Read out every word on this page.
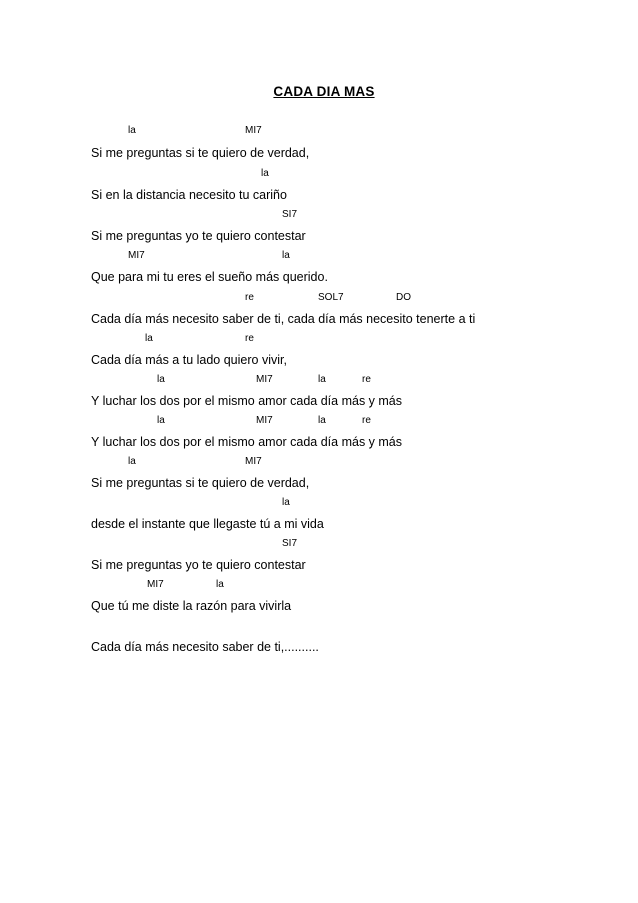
CADA DIA MAS
la	MI7
Si me preguntas si te quiero de verdad,
la
Si en la distancia necesito tu cariño
SI7
Si me preguntas yo te quiero contestar
MI7	la
Que para mi tu eres el sueño más querido.
re	SOL7	DO
Cada día más necesito saber de ti, cada día más necesito tenerte a ti
la	re
Cada día más a tu lado quiero vivir,
la	MI7	la	re
Y luchar los dos por el mismo amor cada día más y más
la	MI7	la	re
Y luchar los dos por el mismo amor cada día más y más
la	MI7
Si me preguntas si te quiero de verdad,
la
desde el instante que llegaste tú a mi vida
SI7
Si me preguntas yo te quiero contestar
MI7	la
Que tú me diste la razón para vivirla
Cada día más necesito saber de ti,..........
